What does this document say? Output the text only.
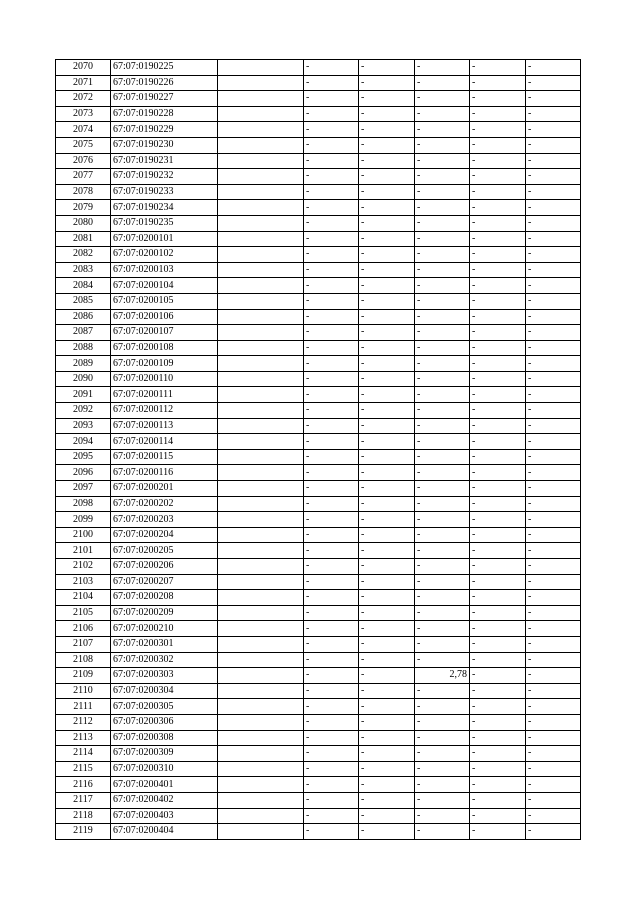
2070	67:07:0190225		-	-	-	-	-
2071	67:07:0190226		-	-	-	-	-
2072	67:07:0190227		-	-	-	-	-
2073	67:07:0190228		-	-	-	-	-
2074	67:07:0190229		-	-	-	-	-
2075	67:07:0190230		-	-	-	-	-
2076	67:07:0190231		-	-	-	-	-
2077	67:07:0190232		-	-	-	-	-
2078	67:07:0190233		-	-	-	-	-
2079	67:07:0190234		-	-	-	-	-
2080	67:07:0190235		-	-	-	-	-
2081	67:07:0200101		-	-	-	-	-
2082	67:07:0200102		-	-	-	-	-
2083	67:07:0200103		-	-	-	-	-
2084	67:07:0200104		-	-	-	-	-
2085	67:07:0200105		-	-	-	-	-
2086	67:07:0200106		-	-	-	-	-
2087	67:07:0200107		-	-	-	-	-
2088	67:07:0200108		-	-	-	-	-
2089	67:07:0200109		-	-	-	-	-
2090	67:07:0200110		-	-	-	-	-
2091	67:07:0200111		-	-	-	-	-
2092	67:07:0200112		-	-	-	-	-
2093	67:07:0200113		-	-	-	-	-
2094	67:07:0200114		-	-	-	-	-
2095	67:07:0200115		-	-	-	-	-
2096	67:07:0200116		-	-	-	-	-
2097	67:07:0200201		-	-	-	-	-
2098	67:07:0200202		-	-	-	-	-
2099	67:07:0200203		-	-	-	-	-
2100	67:07:0200204		-	-	-	-	-
2101	67:07:0200205		-	-	-	-	-
2102	67:07:0200206		-	-	-	-	-
2103	67:07:0200207		-	-	-	-	-
2104	67:07:0200208		-	-	-	-	-
2105	67:07:0200209		-	-	-	-	-
2106	67:07:0200210		-	-	-	-	-
2107	67:07:0200301		-	-	-	-	-
2108	67:07:0200302		-	-	-	-	-
2109	67:07:0200303		-	-	2,78	-	-
2110	67:07:0200304		-	-	-	-	-
2111	67:07:0200305		-	-	-	-	-
2112	67:07:0200306		-	-	-	-	-
2113	67:07:0200308		-	-	-	-	-
2114	67:07:0200309		-	-	-	-	-
2115	67:07:0200310		-	-	-	-	-
2116	67:07:0200401		-	-	-	-	-
2117	67:07:0200402		-	-	-	-	-
2118	67:07:0200403		-	-	-	-	-
2119	67:07:0200404		-	-	-	-	-
